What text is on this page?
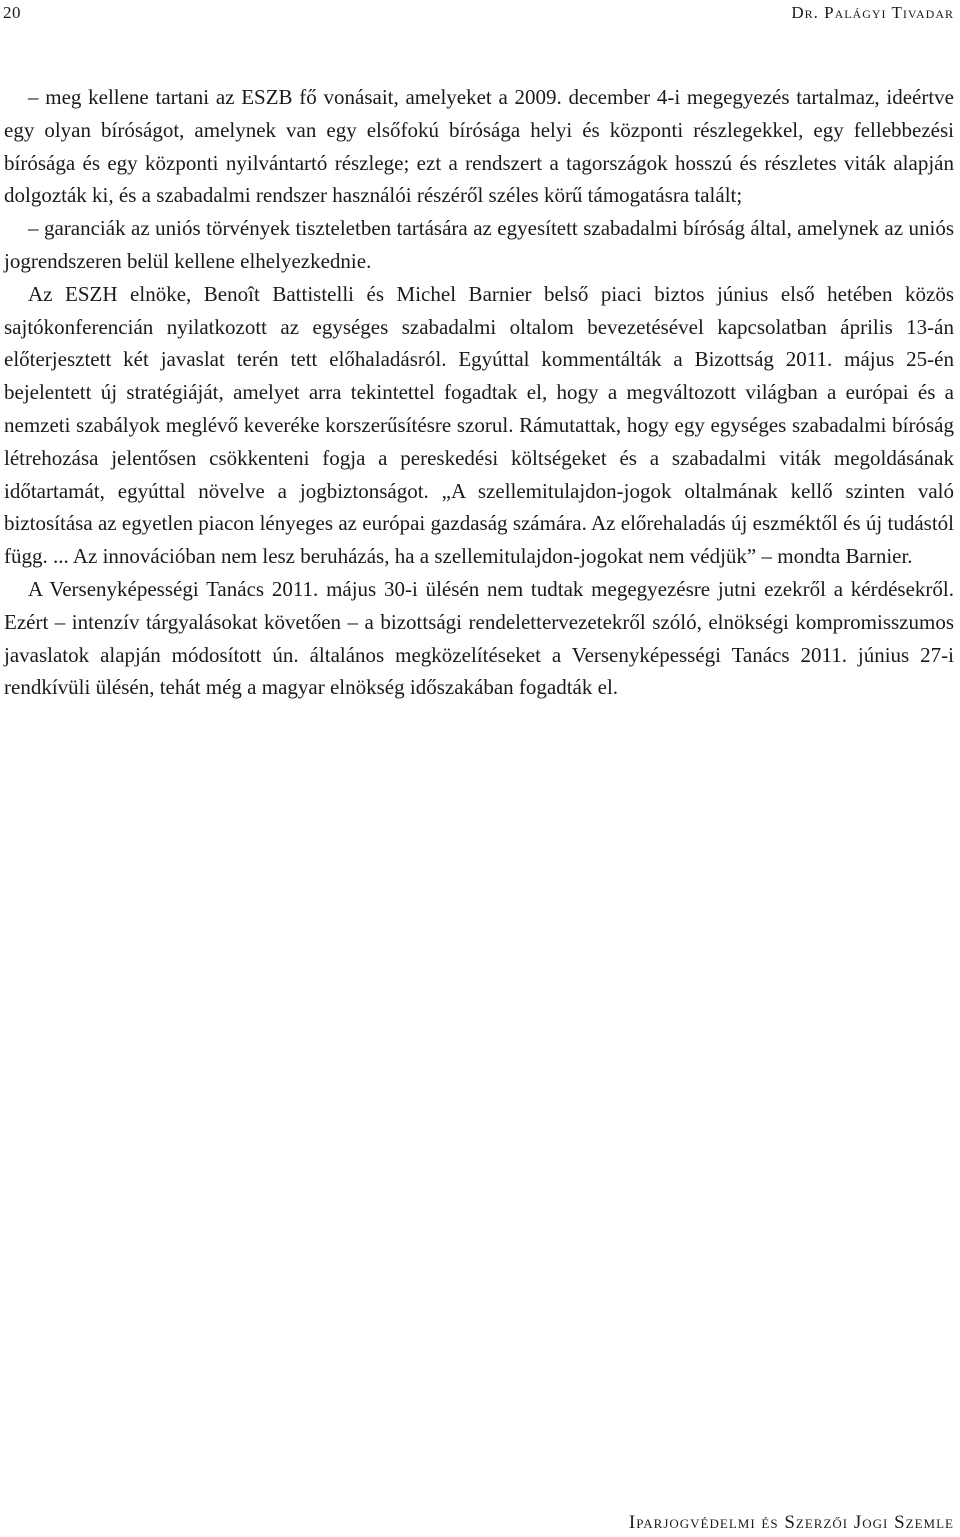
20	Dr. Palágyi Tivadar

– meg kellene tartani az ESZB fő vonásait, amelyeket a 2009. december 4-i megegyezés tartalmaz, ideértve egy olyan bíróságot, amelynek van egy elsőfokú bírósága helyi és központi részlegekkel, egy fellebbezési bírósága és egy központi nyilvántartó részlege; ezt a rendszert a tagországok hosszú és részletes viták alapján dolgozták ki, és a szabadalmi rendszer használói részéről széles körű támogatásra talált;

– garanciák az uniós törvények tiszteletben tartására az egyesített szabadalmi bíróság által, amelynek az uniós jogrendszeren belül kellene elhelyezkednie.

Az ESZH elnöke, Benoît Battistelli és Michel Barnier belső piaci biztos június első hetében közös sajtókonferencián nyilatkozott az egységes szabadalmi oltalom bevezetésével kapcsolatban április 13-án előterjesztett két javaslat terén tett előhaladásról. Egyúttal kommentálták a Bizottság 2011. május 25-én bejelentett új stratégiáját, amelyet arra tekintettel fogadtak el, hogy a megváltozott világban a európai és a nemzeti szabályok meglévő keveréke korszerűsítésre szorul. Rámutattak, hogy egy egységes szabadalmi bíróság létrehozása jelentősen csökkenteni fogja a pereskedési költségeket és a szabadalmi viták megoldásának időtartamát, egyúttal növelve a jogbiztonságot. „A szellemitulajdon-jogok oltalmának kellő szinten való biztosítása az egyetlen piacon lényeges az európai gazdaság számára. Az előrehaladás új eszméktől és új tudástól függ. ... Az innovációban nem lesz beruházás, ha a szellemitulajdon-jogokat nem védjük” – mondta Barnier.

A Versenyképességi Tanács 2011. május 30-i ülésén nem tudtak megegyezésre jutni ezekről a kérdésekről. Ezért – intenzív tárgyalásokat követően – a bizottsági rendelettervezetekről szóló, elnökségi kompromisszumos javaslatok alapján módosított ún. általános megközelítéseket a Versenyképességi Tanács 2011. június 27-i rendkívüli ülésén, tehát még a magyar elnökség időszakában fogadták el.

Iparjogvédelmi és Szerzői Jogi Szemle
